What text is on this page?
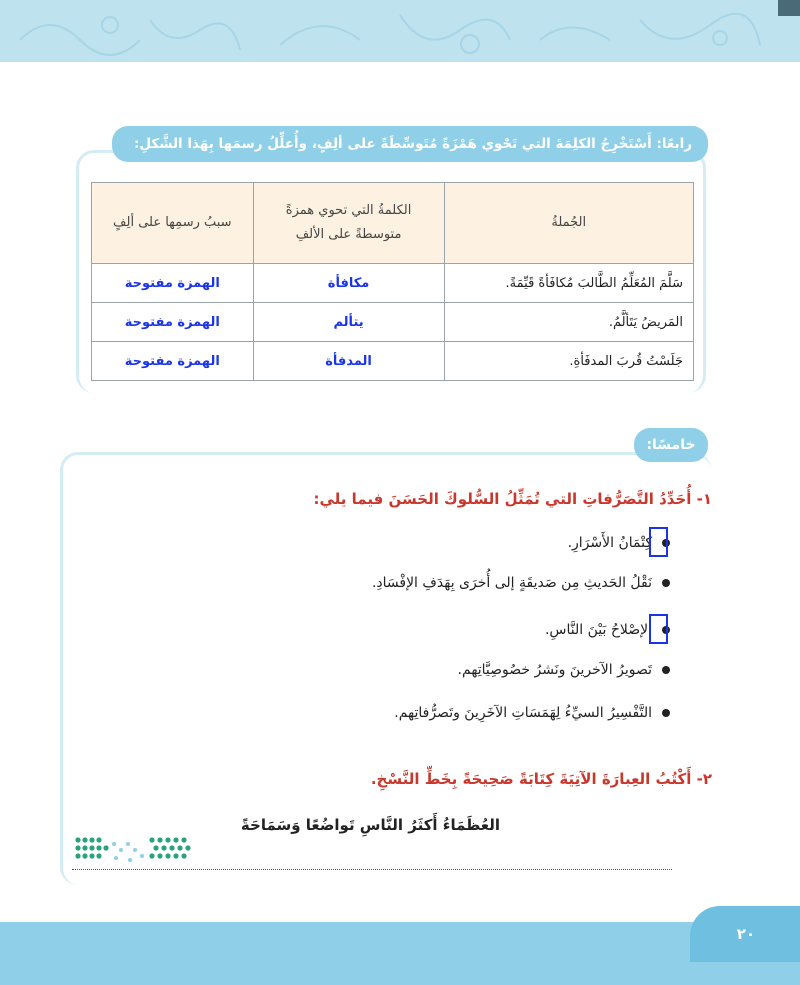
رابعًا: أَسْتَخْرِجُ الكلِمَةَ التي تَحْوي هَمْزَةً مُتَوسِّطَةً على ألِفٍ، وأُعلِّلُ رسمَها بِهَذا الشَّكلِ:
الجُملةُ	الكلمةُ التي تحوي همزةً متوسطةً على الألفِ	سببُ رسمِها على ألِفٍ
سَلَّمَ المُعَلِّمُ الطَّالبَ مُكافَأةً قَيِّمَةً.	مكافأة	الهمزة مفتوحة
المَريضُ يَتَألَّمُ.	يتألم	الهمزة مفتوحة
جَلَسْتُ قُربَ المدفَأةِ.	المدفأة	الهمزة مفتوحة
خامسًا:
١- أُحَدِّدُ التَّصَرُّفاتِ التي تُمَثِّلُ السُّلوكَ الحَسَنَ فيما يلي:
كِتْمَانُ الأَسْرَارِ.
نَقْلُ الحَديثِ مِن صَديقَةٍ إلى أُخرَى بِهَدَفِ الإفْسَادِ.
الإصْلاحُ بَيْنَ النَّاسِ.
تَصويرُ الآخرينَ ونَشرُ خصُوصِيَّاتِهم.
التَّفْسِيرُ السيِّءُ لِهَمَسَاتِ الآخَرِينَ وتَصرُّفاتِهم.
٢- أَكْتُبُ العِبارَةَ الآتِيَةَ كِتَابَةً صَحِيحَةً بِخَطِّ النَّسْخِ.
العُظَمَاءُ أَكثَرُ النَّاسِ تَواضُعًا وَسَمَاحَةً
٢٠
